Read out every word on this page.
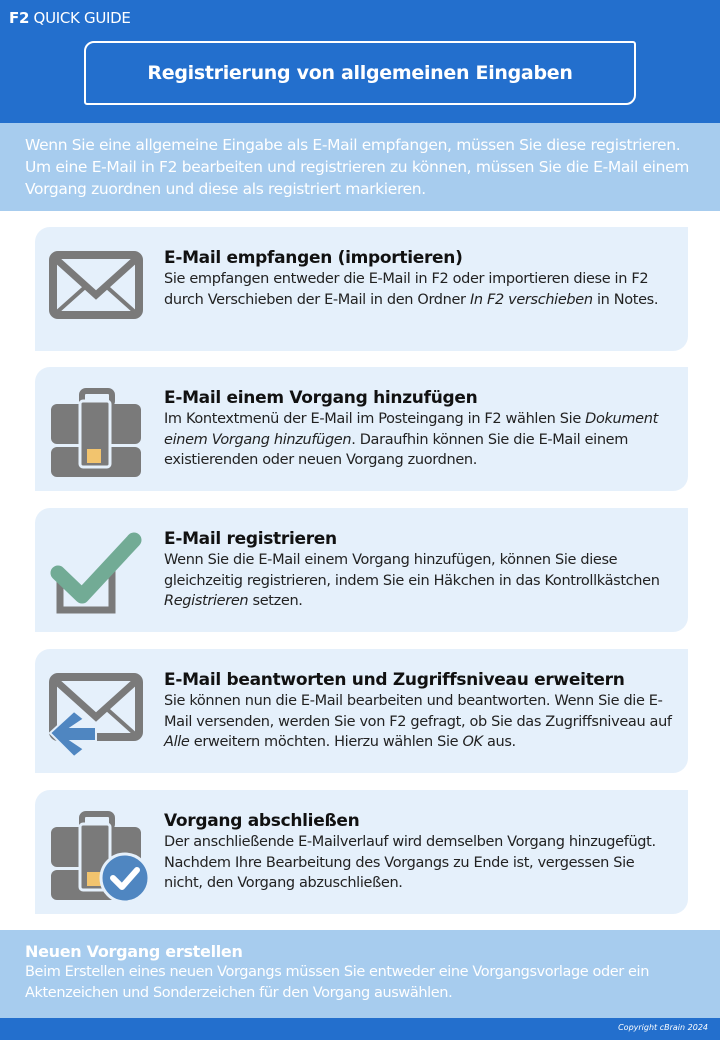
F2 QUICK GUIDE
Registrierung von allgemeinen Eingaben

Wenn Sie eine allgemeine Eingabe als E-Mail empfangen, müssen Sie diese registrieren. Um eine E-Mail in F2 bearbeiten und registrieren zu können, müssen Sie die E-Mail einem Vorgang zuordnen und diese als registriert markieren.

E-Mail empfangen (importieren)

Sie empfangen entweder die E-Mail in F2 oder importieren diese in F2 durch Verschieben der E-Mail in den Ordner In F2 verschieben in Notes.

E-Mail einem Vorgang hinzufügen

Im Kontextmenü der E-Mail im Posteingang in F2 wählen Sie Dokument einem Vorgang hinzufügen. Daraufhin können Sie die E-Mail einem existierenden oder neuen Vorgang zuordnen.

E-Mail registrieren

Wenn Sie die E-Mail einem Vorgang hinzufügen, können Sie diese gleichzeitig registrieren, indem Sie ein Häkchen in das Kontrollkästchen Registrieren setzen.

E-Mail beantworten und Zugriffsniveau erweitern

Sie können nun die E-Mail bearbeiten und beantworten. Wenn Sie die E-Mail versenden, werden Sie von F2 gefragt, ob Sie das Zugriffsniveau auf Alle erweitern möchten. Hierzu wählen Sie OK aus.

Vorgang abschließen

Der anschließende E-Mailverlauf wird demselben Vorgang hinzugefügt. Nachdem Ihre Bearbeitung des Vorgangs zu Ende ist, vergessen Sie nicht, den Vorgang abzuschließen.

Neuen Vorgang erstellen

Beim Erstellen eines neuen Vorgangs müssen Sie entweder eine Vorgangsvorlage oder ein Aktenzeichen und Sonderzeichen für den Vorgang auswählen.

Copyright cBrain 2024
